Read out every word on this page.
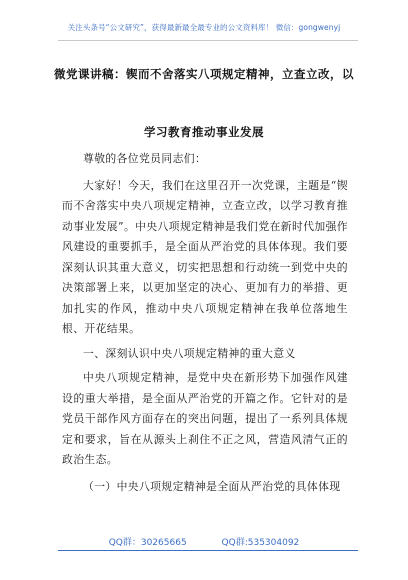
关注头条号“公文研究”，获得最新最全最专业的公文资料库！ 微信：gongwenyj
微党课讲稿：锲而不舍落实八项规定精神，立查立改，以
学习教育推动事业发展

尊敬的各位党员同志们：

大家好！今天，我们在这里召开一次党课，主题是“锲而不舍落实中央八项规定精神，立查立改，以学习教育推动事业发展”。中央八项规定精神是我们党在新时代加强作风建设的重要抓手，是全面从严治党的具体体现。我们要深刻认识其重大意义，切实把思想和行动统一到党中央的决策部署上来，以更加坚定的决心、更加有力的举措、更加扎实的作风，推动中央八项规定精神在我单位落地生根、开花结果。

一、深刻认识中央八项规定精神的重大意义

中央八项规定精神，是党中央在新形势下加强作风建设的重大举措，是全面从严治党的开篇之作。它针对的是党员干部作风方面存在的突出问题，提出了一系列具体规定和要求，旨在从源头上刹住不正之风，营造风清气正的政治生态。

（一）中央八项规定精神是全面从严治党的具体体现

QQ群：30265665	QQ群:535304092
